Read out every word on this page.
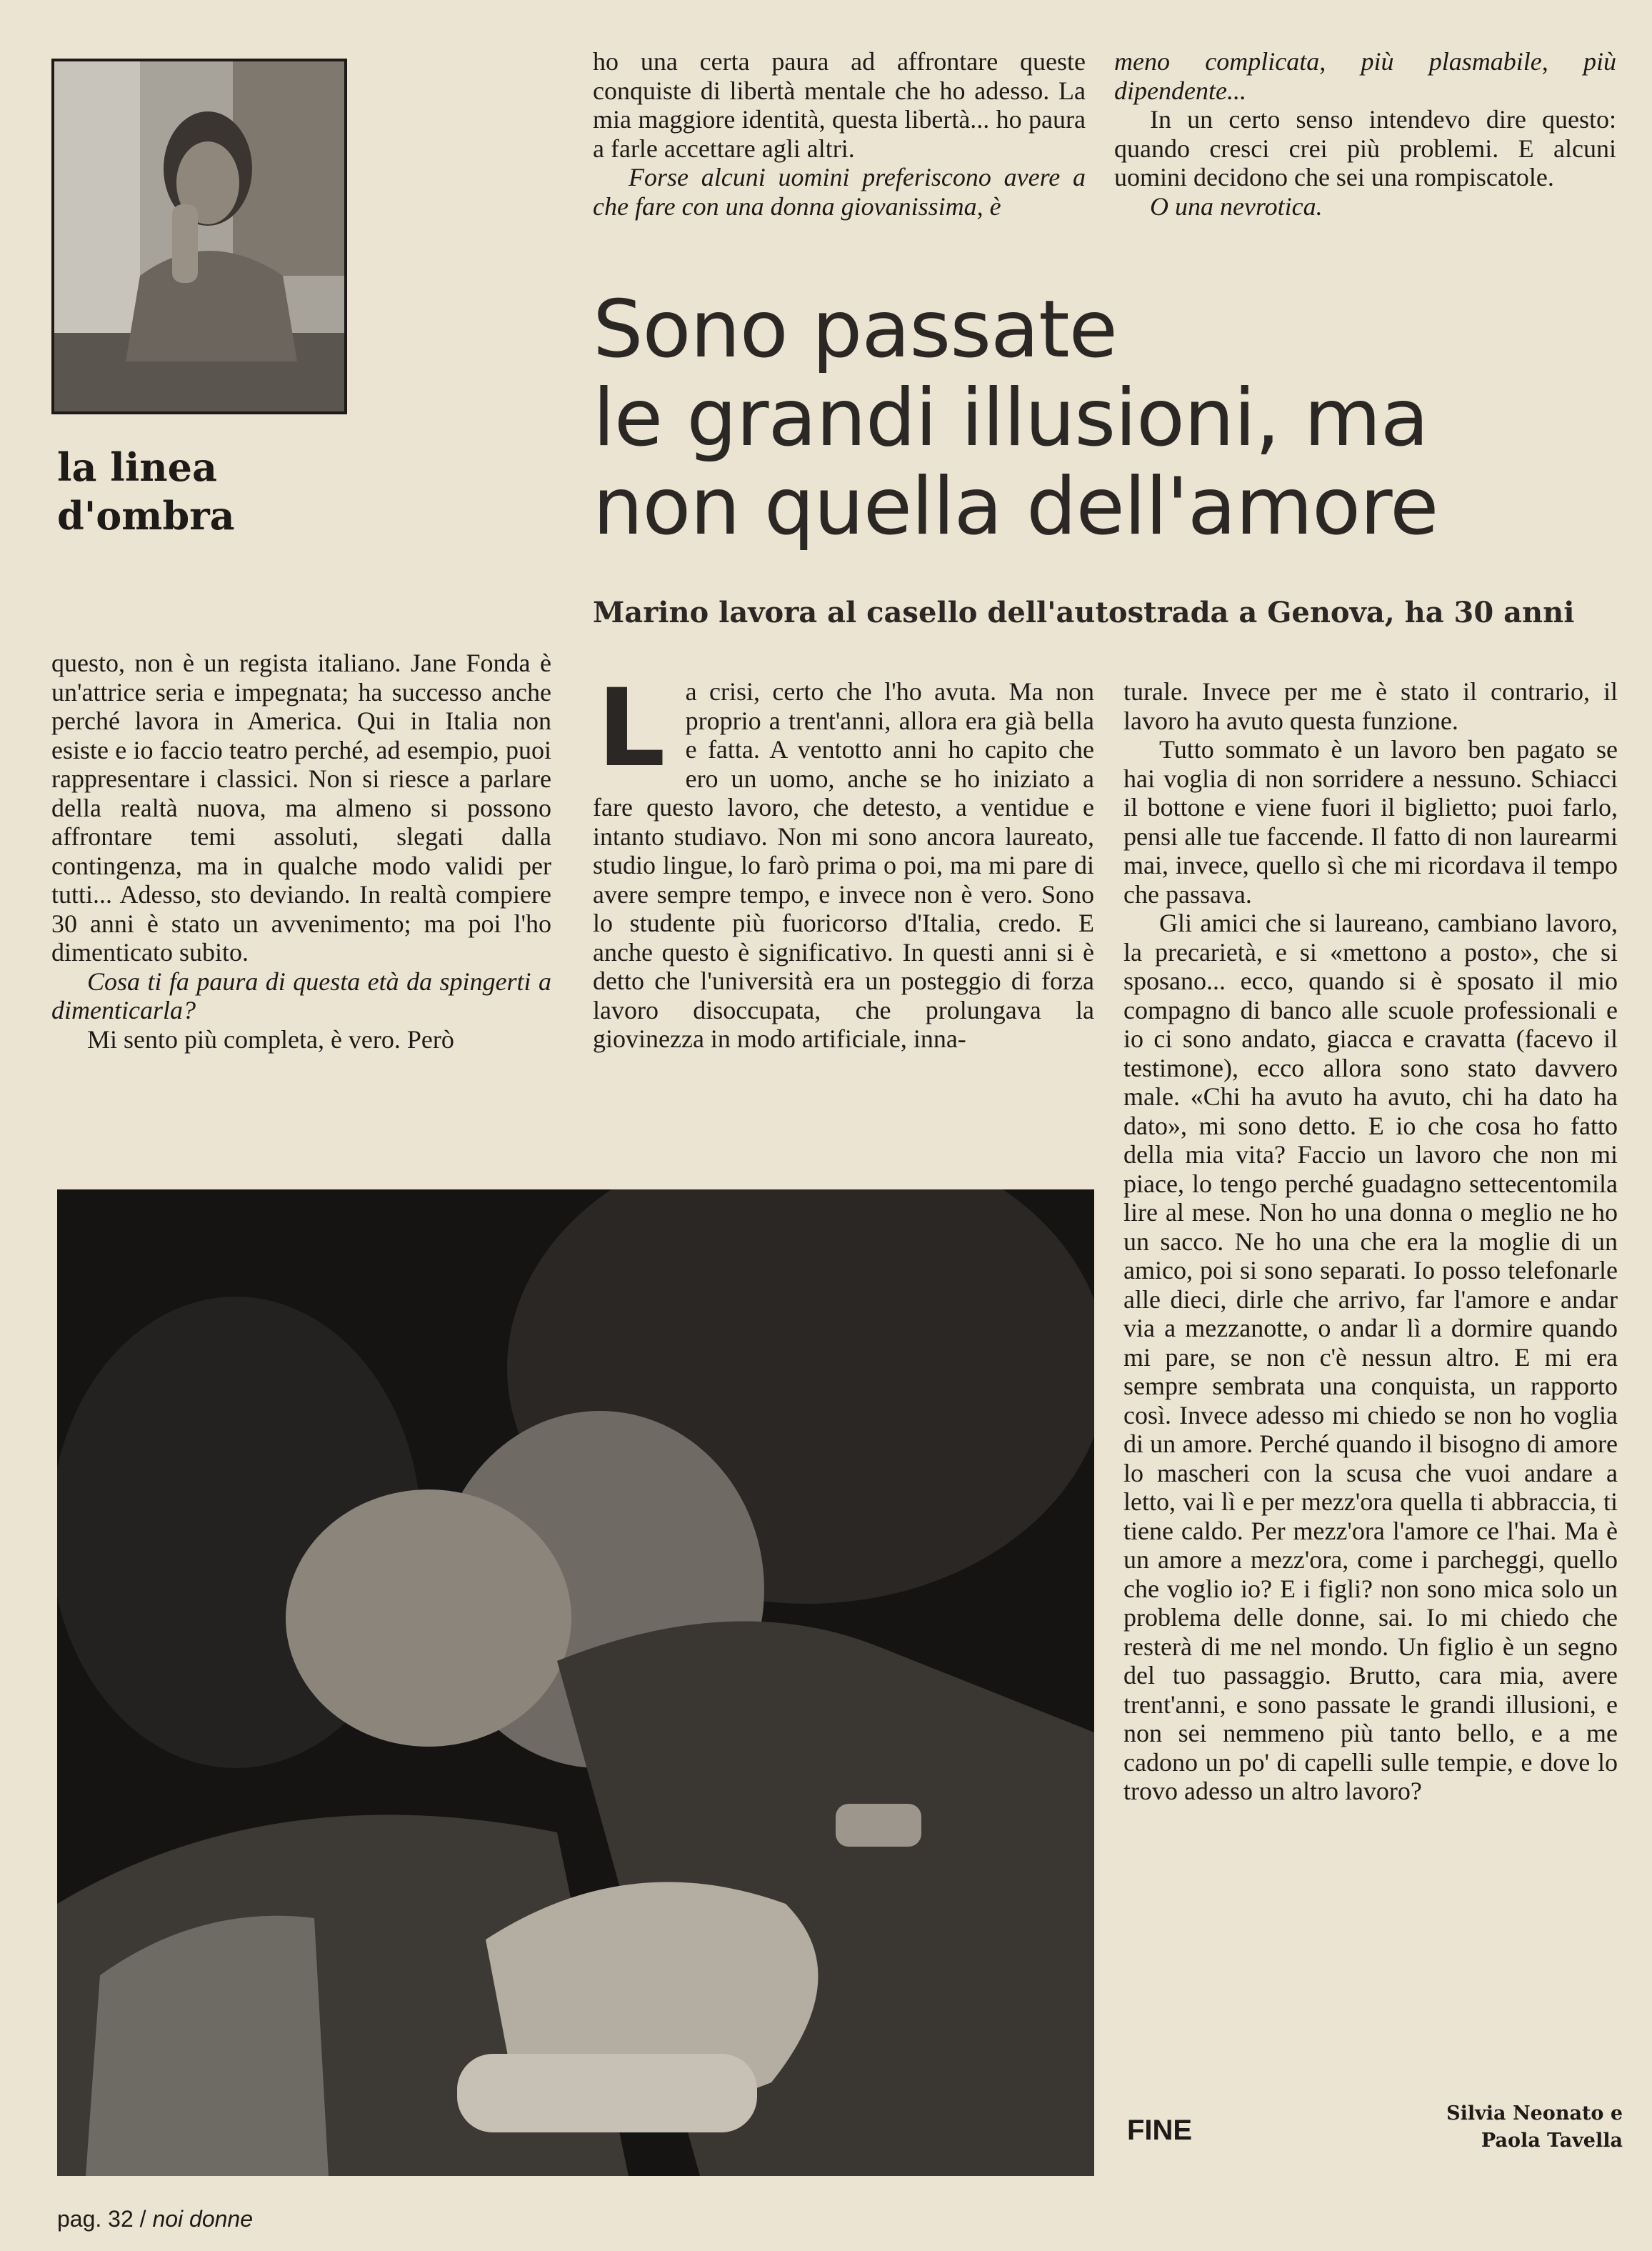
la linea
d'ombra

ho una certa paura ad affrontare queste conquiste di libertà mentale che ho adesso. La mia maggiore identità, questa libertà... ho paura a farle accettare agli altri.

Forse alcuni uomini preferiscono avere a che fare con una donna giovanissima, è

meno complicata, più plasmabile, più dipendente...

In un certo senso intendevo dire questo: quando cresci crei più problemi. E alcuni uomini decidono che sei una rompiscatole.

O una nevrotica.

Sono passate
le grandi illusioni, ma
non quella dell'amore
Marino lavora al casello dell'autostrada a Genova, ha 30 anni

questo, non è un regista italiano. Jane Fonda è un'attrice seria e impegnata; ha successo anche perché lavora in America. Qui in Italia non esiste e io faccio teatro perché, ad esempio, puoi rappresentare i classici. Non si riesce a parlare della realtà nuova, ma almeno si possono affrontare temi assoluti, slegati dalla contingenza, ma in qualche modo validi per tutti... Adesso, sto deviando. In realtà compiere 30 anni è stato un avvenimento; ma poi l'ho dimenticato subito.

Cosa ti fa paura di questa età da spingerti a dimenticarla?

Mi sento più completa, è vero. Però

L a crisi, certo che l'ho avuta. Ma non proprio a trent'anni, allora era già bella e fatta. A ventotto anni ho capito che ero un uomo, anche se ho iniziato a fare questo lavoro, che detesto, a ventidue e intanto studiavo. Non mi sono ancora laureato, studio lingue, lo farò prima o poi, ma mi pare di avere sempre tempo, e invece non è vero. Sono lo studente più fuoricorso d'Italia, credo. E anche questo è significativo. In questi anni si è detto che l'università era un posteggio di forza lavoro disoccupata, che prolungava la giovinezza in modo artificiale, inna-

turale. Invece per me è stato il contrario, il lavoro ha avuto questa funzione.

Tutto sommato è un lavoro ben pagato se hai voglia di non sorridere a nessuno. Schiacci il bottone e viene fuori il biglietto; puoi farlo, pensi alle tue faccende. Il fatto di non laurearmi mai, invece, quello sì che mi ricordava il tempo che passava.

Gli amici che si laureano, cambiano lavoro, la precarietà, e si «mettono a posto», che si sposano... ecco, quando si è sposato il mio compagno di banco alle scuole professionali e io ci sono andato, giacca e cravatta (facevo il testimone), ecco allora sono stato davvero male. «Chi ha avuto ha avuto, chi ha dato ha dato», mi sono detto. E io che cosa ho fatto della mia vita? Faccio un lavoro che non mi piace, lo tengo perché guadagno settecentomila lire al mese. Non ho una donna o meglio ne ho un sacco. Ne ho una che era la moglie di un amico, poi si sono separati. Io posso telefonarle alle dieci, dirle che arrivo, far l'amore e andar via a mezzanotte, o andar lì a dormire quando mi pare, se non c'è nessun altro. E mi era sempre sembrata una conquista, un rapporto così. Invece adesso mi chiedo se non ho voglia di un amore. Perché quando il bisogno di amore lo mascheri con la scusa che vuoi andare a letto, vai lì e per mezz'ora quella ti abbraccia, ti tiene caldo. Per mezz'ora l'amore ce l'hai. Ma è un amore a mezz'ora, come i parcheggi, quello che voglio io? E i figli? non sono mica solo un problema delle donne, sai. Io mi chiedo che resterà di me nel mondo. Un figlio è un segno del tuo passaggio. Brutto, cara mia, avere trent'anni, e sono passate le grandi illusioni, e non sei nemmeno più tanto bello, e a me cadono un po' di capelli sulle tempie, e dove lo trovo adesso un altro lavoro?

FINE
Silvia Neonato e
Paola Tavella
pag. 32 / noi donne
